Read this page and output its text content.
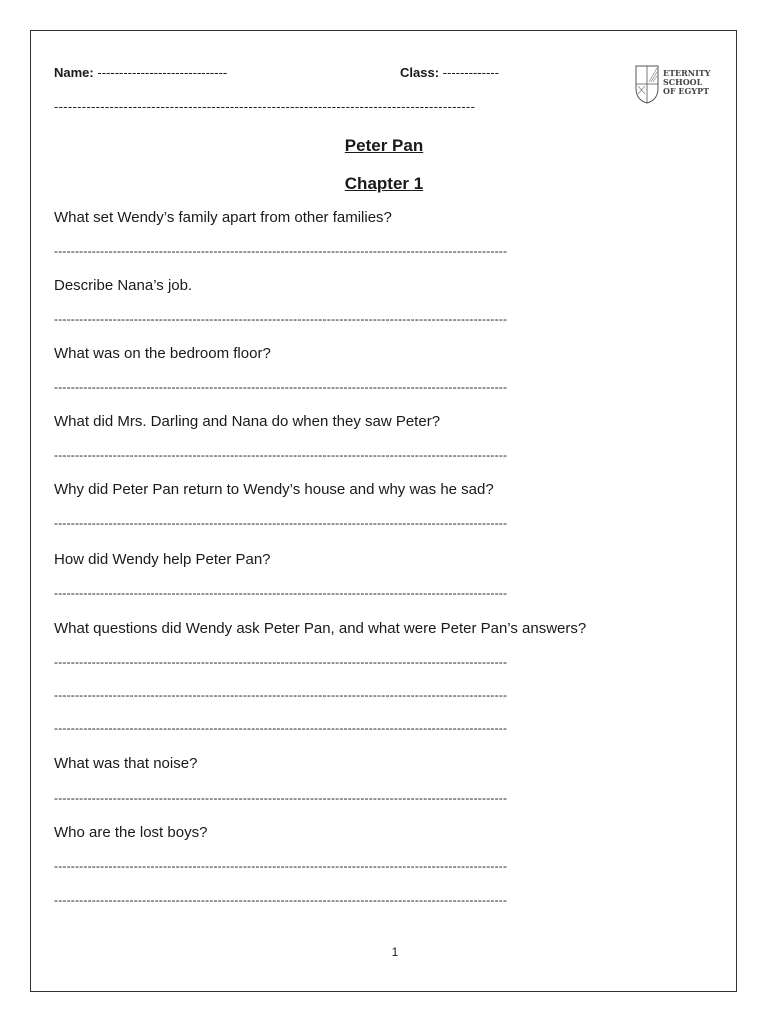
Name: ------------------------------	Class: -------------
-------------------------------------------------------------------------------------------
ETERNITY
SCHOOL
OF EGYPT
Peter Pan
Chapter 1
What set Wendy’s family apart from other families?
------------------------------------------------------------------------------------------------------------
Describe Nana’s job.
------------------------------------------------------------------------------------------------------------
What was on the bedroom floor?
------------------------------------------------------------------------------------------------------------
What did Mrs. Darling and Nana do when they saw Peter?
------------------------------------------------------------------------------------------------------------
Why did Peter Pan return to Wendy’s house and why was he sad?
------------------------------------------------------------------------------------------------------------
How did Wendy help Peter Pan?
------------------------------------------------------------------------------------------------------------
What questions did Wendy ask Peter Pan, and what were Peter Pan’s answers?
------------------------------------------------------------------------------------------------------------
------------------------------------------------------------------------------------------------------------
------------------------------------------------------------------------------------------------------------
What was that noise?
------------------------------------------------------------------------------------------------------------
Who are the lost boys?
------------------------------------------------------------------------------------------------------------
------------------------------------------------------------------------------------------------------------
1
